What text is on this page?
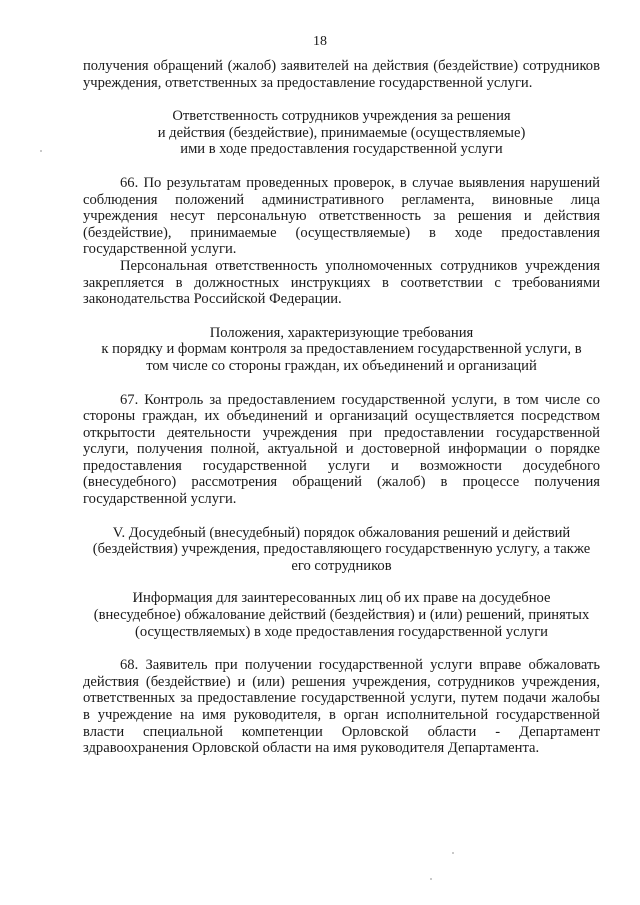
18

получения обращений (жалоб) заявителей на действия (бездействие) сотрудников учреждения, ответственных за предоставление государственной услуги.

Ответственность сотрудников учреждения за решения
и действия (бездействие), принимаемые (осуществляемые)
ими в ходе предоставления государственной услуги

66. По результатам проведенных проверок, в случае выявления нарушений соблюдения положений административного регламента, виновные лица учреждения несут персональную ответственность за решения и действия (бездействие), принимаемые (осуществляемые) в ходе предоставления государственной услуги.

Персональная ответственность уполномоченных сотрудников учреждения закрепляется в должностных инструкциях в соответствии с требованиями законодательства Российской Федерации.

Положения, характеризующие требования
к порядку и формам контроля за предоставлением государственной услуги, в
том числе со стороны граждан, их объединений и организаций

67. Контроль за предоставлением государственной услуги, в том числе со стороны граждан, их объединений и организаций осуществляется посредством открытости деятельности учреждения при предоставлении государственной услуги, получения полной, актуальной и достоверной информации о порядке предоставления государственной услуги и возможности досудебного (внесудебного) рассмотрения обращений (жалоб) в процессе получения государственной услуги.

V. Досудебный (внесудебный) порядок обжалования решений и действий
(бездействия) учреждения, предоставляющего государственную услугу, а также
его сотрудников
Информация для заинтересованных лиц об их праве на досудебное
(внесудебное) обжалование действий (бездействия) и (или) решений, принятых
(осуществляемых) в ходе предоставления государственной услуги

68. Заявитель при получении государственной услуги вправе обжаловать действия (бездействие) и (или) решения учреждения, сотрудников учреждения, ответственных за предоставление государственной услуги, путем подачи жалобы в учреждение на имя руководителя, в орган исполнительной государственной власти специальной компетенции Орловской области - Департамент здравоохранения Орловской области на имя руководителя Департамента.
